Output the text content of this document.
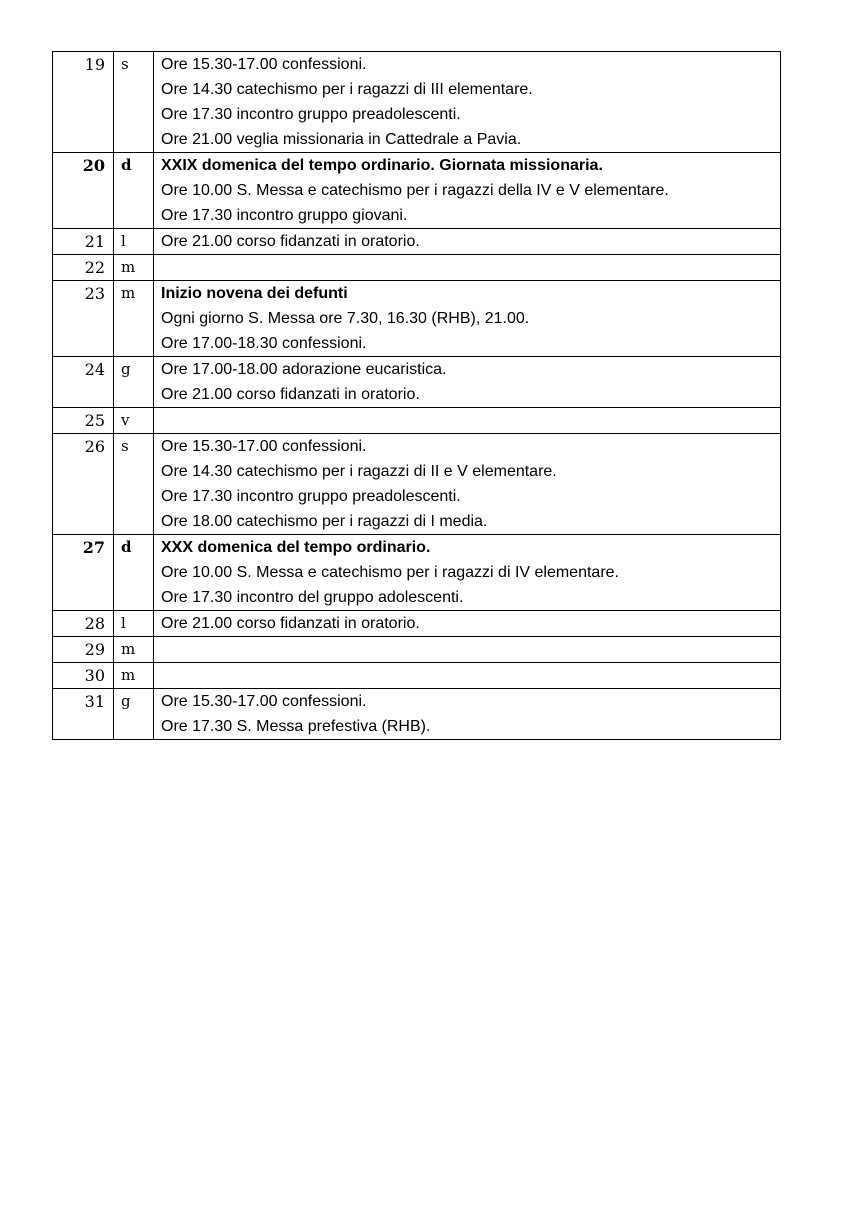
19	s	Ore 15.30-17.00 confessioni.
Ore 14.30 catechismo per i ragazzi di III elementare.
Ore 17.30 incontro gruppo preadolescenti.
Ore 21.00 veglia missionaria in Cattedrale a Pavia.

20	d	XXIX domenica del tempo ordinario. Giornata missionaria.
Ore 10.00 S. Messa e catechismo per i ragazzi della IV e V elementare.
Ore 17.30 incontro gruppo giovani.

21	l	Ore 21.00 corso fidanzati in oratorio.

22	m	
23	m	Inizio novena dei defunti
Ogni giorno S. Messa ore 7.30, 16.30 (RHB), 21.00.
Ore 17.00-18.30 confessioni.

24	g	Ore 17.00-18.00 adorazione eucaristica.
Ore 21.00 corso fidanzati in oratorio.

25	v	
26	s	Ore 15.30-17.00 confessioni.
Ore 14.30 catechismo per i ragazzi di II e V elementare.
Ore 17.30 incontro gruppo preadolescenti.
Ore 18.00 catechismo per i ragazzi di I media.

27	d	XXX domenica del tempo ordinario.
Ore 10.00 S. Messa e catechismo per i ragazzi di IV elementare.
Ore 17.30 incontro del gruppo adolescenti.

28	l	Ore 21.00 corso fidanzati in oratorio.

29	m	
30	m	
31	g	Ore 15.30-17.00 confessioni.
Ore 17.30 S. Messa prefestiva (RHB).
